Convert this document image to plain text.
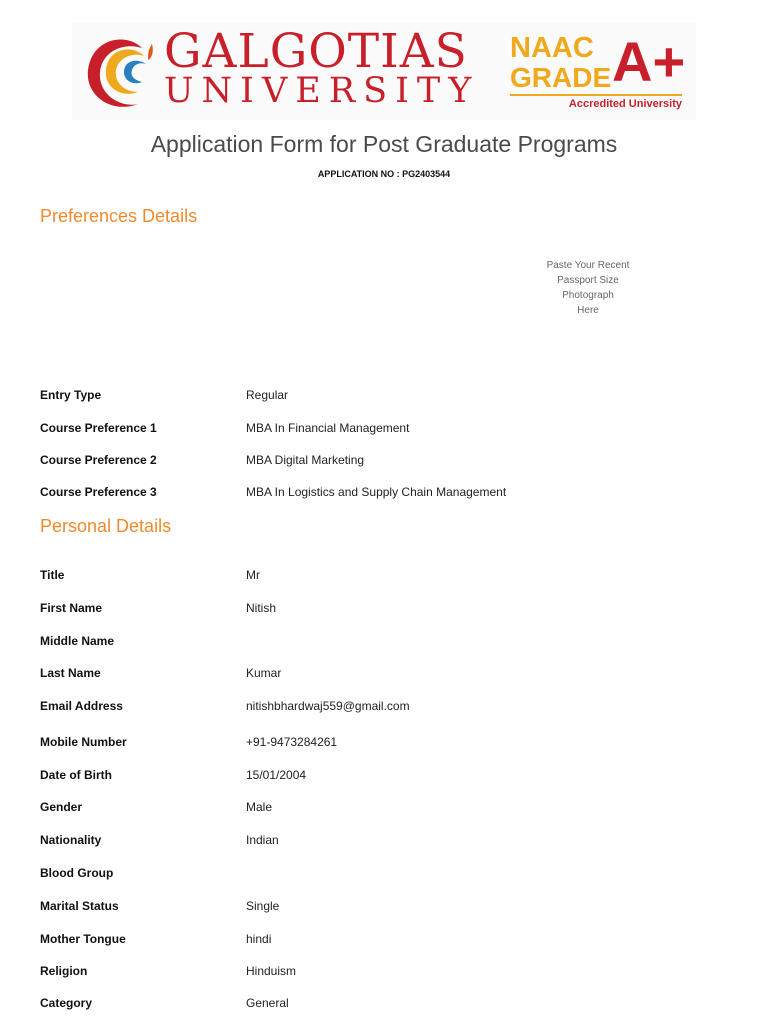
GALGOTIAS
UNIVERSITY
NAAC
GRADE A+
Accredited University
Application Form for Post Graduate Programs
APPLICATION NO : PG2403544
Preferences Details
Paste Your Recent
Passport Size
Photograph
Here
Entry Type	Regular
Course Preference 1	MBA In Financial Management
Course Preference 2	MBA Digital Marketing
Course Preference 3	MBA In Logistics and Supply Chain Management
Personal Details
Title	Mr
First Name	Nitish
Middle Name
Last Name	Kumar
Email Address	nitishbhardwaj559@gmail.com
Mobile Number	+91-9473284261
Date of Birth	15/01/2004
Gender	Male
Nationality	Indian
Blood Group
Marital Status	Single
Mother Tongue	hindi
Religion	Hinduism
Category	General
